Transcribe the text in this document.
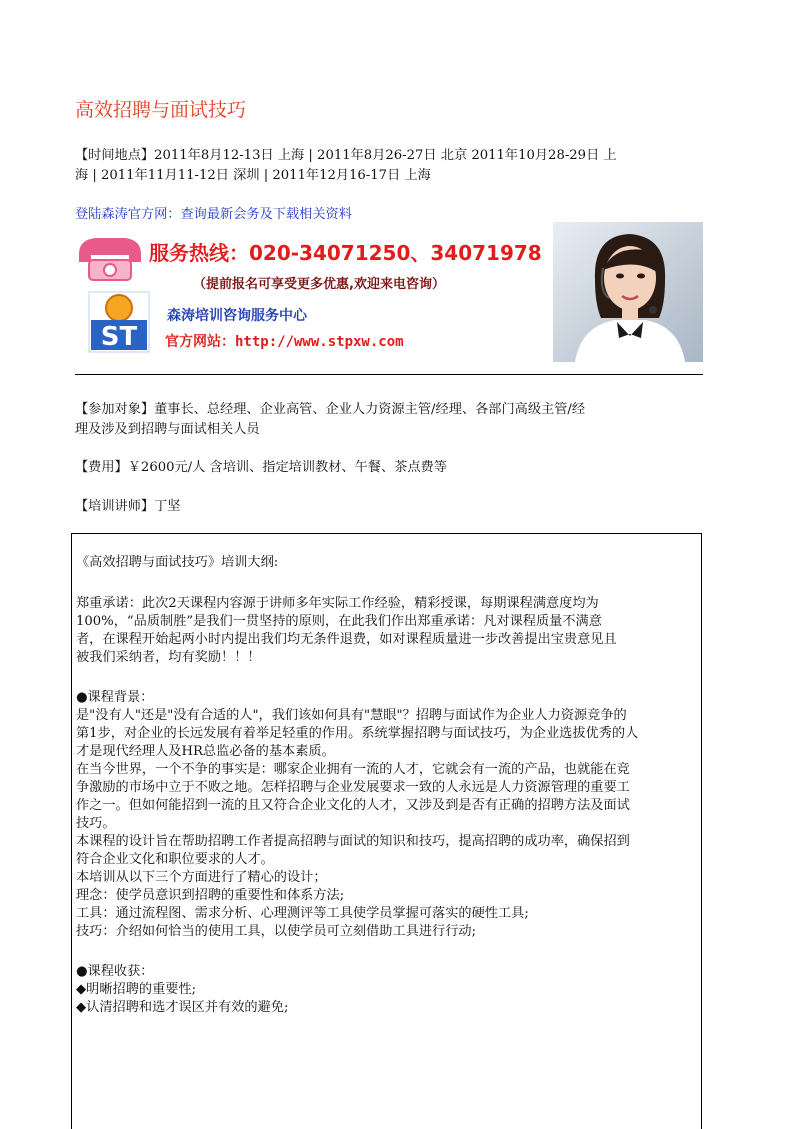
高效招聘与面试技巧
【时间地点】2011年8月12-13日 上海 | 2011年8月26-27日 北京 2011年10月28-29日 上
海 | 2011年11月11-12日 深圳 | 2011年12月16-17日 上海
登陆森涛官方网：查询最新会务及下载相关资料
服务热线：020-34071250、34071978
（提前报名可享受更多优惠,欢迎来电咨询）
ST
森涛培训咨询服务中心
官方网站：http://www.stpxw.com
【参加对象】董事长、总经理、企业高管、企业人力资源主管/经理、各部门高级主管/经
理及涉及到招聘与面试相关人员
【费用】￥2600元/人 含培训、指定培训教材、午餐、茶点费等
【培训讲师】丁坚
《高效招聘与面试技巧》培训大纲:
郑重承诺：此次2天课程内容源于讲师多年实际工作经验，精彩授课，每期课程满意度均为
100%，“品质制胜”是我们一贯坚持的原则，在此我们作出郑重承诺：凡对课程质量不满意
者，在课程开始起两小时内提出我们均无条件退费，如对课程质量进一步改善提出宝贵意见且
被我们采纳者，均有奖励！！！
●课程背景：
是"没有人"还是"没有合适的人"，我们该如何具有"慧眼"？招聘与面试作为企业人力资源竞争的
第1步，对企业的长远发展有着举足轻重的作用。系统掌握招聘与面试技巧，为企业选拔优秀的人
才是现代经理人及HR总监必备的基本素质。
在当今世界，一个不争的事实是：哪家企业拥有一流的人才，它就会有一流的产品，也就能在竞
争激励的市场中立于不败之地。怎样招聘与企业发展要求一致的人永远是人力资源管理的重要工
作之一。但如何能招到一流的且又符合企业文化的人才，又涉及到是否有正确的招聘方法及面试
技巧。
本课程的设计旨在帮助招聘工作者提高招聘与面试的知识和技巧，提高招聘的成功率，确保招到
符合企业文化和职位要求的人才。
本培训从以下三个方面进行了精心的设计；
理念：使学员意识到招聘的重要性和体系方法;
工具：通过流程图、需求分析、心理测评等工具使学员掌握可落实的硬性工具;
技巧：介绍如何恰当的使用工具，以使学员可立刻借助工具进行行动;
●课程收获：
◆明晰招聘的重要性;
◆认清招聘和选才误区并有效的避免;
